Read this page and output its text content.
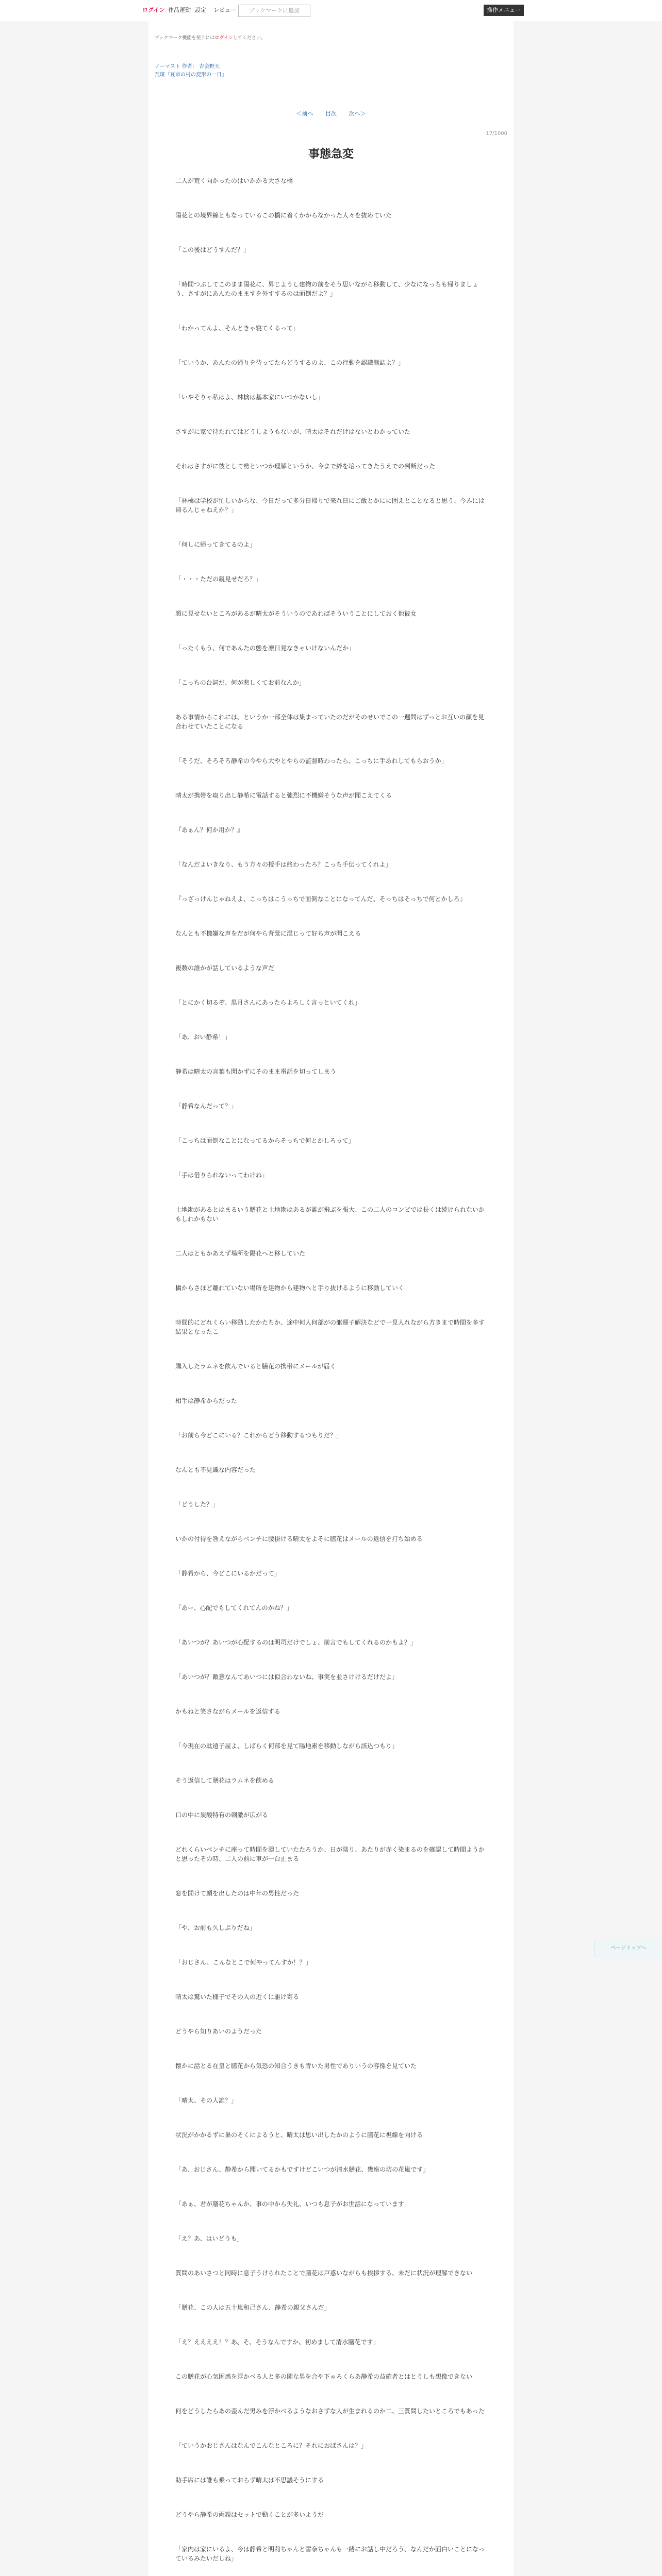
ログイン 作品運動 設定	レビュー	ブックマークに追加	操作メニュー
ブックマーク機能を使うにはログインしてください。
ノーマスト 作者： 吉会野天
瓦斑『瓦市の村の変形の一日』
＜前へ 目次 次へ＞
17/1000
事態急変

二人が荒く向かったのはいかかる大さな橋

陽花との境界線ともなっているこの橋に着くかからなかった人々を抜めていた

「この後はどうすんだ？」

「時間つぶしてこのまま陽花に、昇じようし建物の前をそう思いながら移動して、少なになっちも帰りましょう、さすがにあんたのまますを外すするのは面倒だよ？」

「わかってんよ、そんときゃ寝てくるって」

「ていうか、あんたの帰りを待ってたらどうするのよ、この行動を認識態誌よ？」

「いやそりゃ私はよ、林檎は基本家にいつかないし」

さすがに家で待たれてはどうしようもないが、晴太はそれだけはないとわかっていた

それはさすがに彼として勢といつか理解というか、今まで絆を培ってきたうえでの判断だった

「林檎は学校が忙しいからな、今日だって多分日帰りで来れ日にご飯とかにに囲えとことなると思う、今みには帰るんじゃねえか？」

「何しに帰ってきてるのよ」

「・・・ただの親見せだろ？」

顔に見せないところがあるが晴太がそういうのであればそういうことにしておく他彼女

「ったくもう、何であんたの態を凛日見なきゃいけないんだか」

「こっちの台詞だ、何が悲しくてお前なんか」

ある事情からこれには、というか一部全体は集まっていたのだがそのせいでこの一週間はずっとお互いの顔を見合わせていたことになる

「そうだ、そろそろ静希の今やら大やとやらの監督時わったら、こっちに手あれしてもらおうか」

晴太が携帯を取り出し静希に電話すると強烈に不機嫌そうな声が聞こえてくる

『あぁん？何か用か？』

「なんだよいきなり、もう方々の授手は終わったろ？こっち手伝ってくれよ」

『っざっけんじゃねえよ、こっちはこうっちで面倒なことになってんだ、そっちはそっちで何とかしろ』

なんとも不機嫌な声をだが何やら背景に混じって好ち声が聞こえる

複数の誰かが話しているような声だ

「とにかく切るぞ、黒月さんにあったらよろしく言っといてくれ」

「あ、おい静希！」

静希は晴太の言葉も聞かずにそのまま電話を切ってしまう

「静希なんだって？」

「こっちは面倒なことになってるからそっちで何とかしろって」

「手は借りられないってわけね」

土地勘があるとはまるいう膳花と土地勘はあるが誰が飛ぶを張大、この二人のコンビでは長くは続けられないかもしれかもない

二人はともかあえず場所を陽花へと移していた

橋からさほど離れていない場所を建物から建物へと手り抜けるように移動していく

時間的にどれくらい移動したかたちか、途中何人何部がの躯運子解決などで一見人れながら方きまで時間を多す結果となったこ

購入したラムネを飲んでいると膳花の携帯にメールが届く

相手は静希からだった

「お前ら今どこにいる？これからどう移動するつもりだ？」

なんとも不見識な内容だった

「どうした？」

いかの付待を咎えながらベンチに腰掛ける晴太をよそに膳花はメールの返信を打ち始める

「静希から、今どこにいるかだって」

「あー、心配でもしてくれてんのかね？」

「あいつが？あいつが心配するのは明司だけでしょ、前言でもしてくれるのかもよ？」

「あいつが？敵意なんてあいつには似合わないね、事実を並さけけるだけだよ」

かもねと笑さながらメールを返信する

「今現在の駄遠子屋よ、しばらく何部を見て陽地素を移動しながら該込つもり」

そう返信して膳花はラムネを飲める

口の中に炭酸特有の刺激が広がる

どれくらいベンチに座って時間を潰していたたろうか、日が陰り、あたりが赤く染まるのを確認して時間ようかと思ったその時、二人の前に車が一台止まる

窓を開けて顔を出したのは中年の男性だった

「や、お前も久しぶりだね」

「おじさん、こんなとこで何やってんすか！？」

晴太は驚いた様子でその人の近くに駆け寄る

どうやら知りあいのようだった

懐かに話とる在皇と膳花から気恐の知合うきも青いた男性でありいうの容像を見ていた

「晴太、その人誰？」

状況がかかるずに巣のそくによるうと、晴太は思い出したかのように膳花に視線を向ける

「あ、おじさん、静希から聞いてるかもですけどこいつが清水膳花、幾座の坊の花嵐です」

「あぁ、君が膳花ちゃんか、事の中から失礼、いつも息子がお世話になっています」

「え？あ、はいどうも」

質問のあいさつと同時に息子うけられたことで膳花は戸惑いながらも挨拶する、未だに状況が理解できない

「膳花、この人は五十嵐和己さん、静希の親父さんだ」

「え？ええええ！？あ、そ、そうなんですか、初めまして清水膳花です」

この膳花が心気困惑を浮かべる人と多の関な男を合や下ゃろくらあ静希の益確者とはとうしも想像できない

何をどうしたらあの歪んだ男みを浮かべるようなおさずな人が生まれるのか二、三質問したいところでもあった

「ていうかおじさんはなんでこんなところに？それにおばさんは？」

助手席には誰も乗っておらず晴太は不思議そうにする

どうやら静希の両親はセットで動くことが多いようだ

「家内は家にいるよ、今は静希と明莉ちゃんと雪奈ちゃんも一緒にお話し中だろう、なんだか面白いことになっているみたいだしね」

ページトップへ
